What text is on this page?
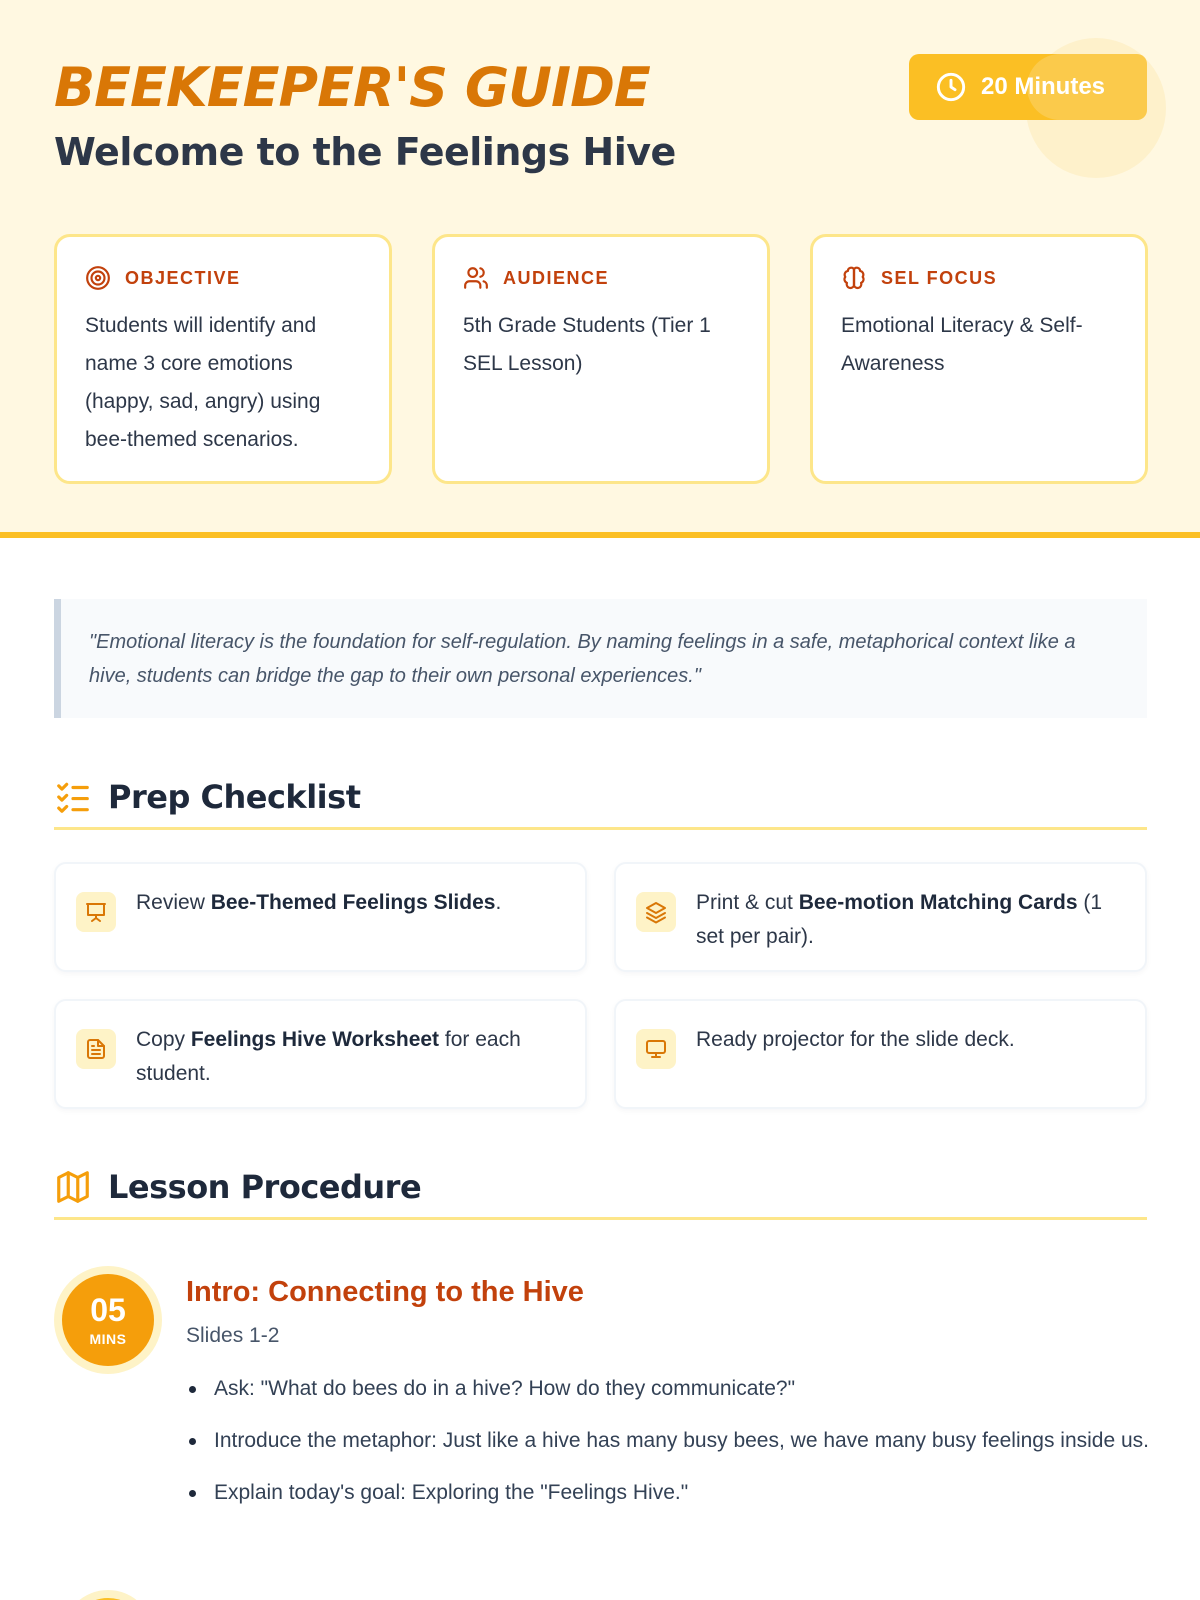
BEEKEEPER'S GUIDE
Welcome to the Feelings Hive
20 Minutes
OBJECTIVE
Students will identify and name 3 core emotions (happy, sad, angry) using bee-themed scenarios.
AUDIENCE
5th Grade Students (Tier 1 SEL Lesson)
SEL FOCUS
Emotional Literacy & Self-Awareness
"Emotional literacy is the foundation for self-regulation. By naming feelings in a safe, metaphorical context like a hive, students can bridge the gap to their own personal experiences."
Prep Checklist
Review Bee-Themed Feelings Slides.	Print & cut Bee-motion Matching Cards (1 set per pair).
Copy Feelings Hive Worksheet for each student.
Ready projector for the slide deck.
Lesson Procedure
05
MINS
Intro: Connecting to the Hive
Slides 1-2
Ask: "What do bees do in a hive? How do they communicate?"
Introduce the metaphor: Just like a hive has many busy bees, we have many busy feelings inside us.
Explain today's goal: Exploring the "Feelings Hive."
